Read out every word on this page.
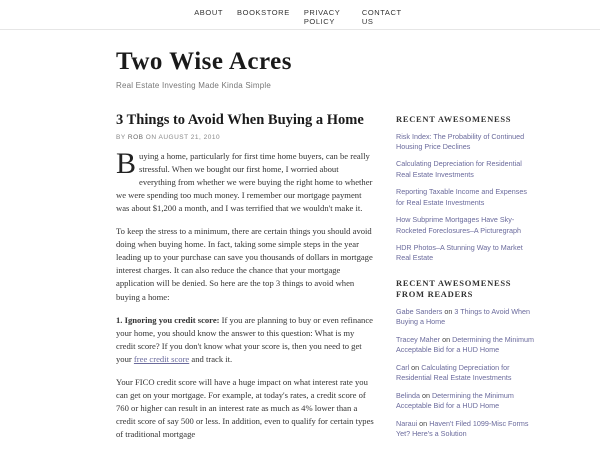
ABOUT BOOKSTORE PRIVACY POLICY
CONTACT US
Two Wise Acres

Real Estate Investing Made Kinda Simple

3 Things to Avoid When Buying a Home
BY ROB ON AUGUST 21, 2010

Buying a home, particularly for first time home buyers, can be really stressful. When we bought our first home, I worried about everything from whether we were buying the right home to whether we were spending too much money. I remember our mortgage payment was about $1,200 a month, and I was terrified that we wouldn't make it.

To keep the stress to a minimum, there are certain things you should avoid doing when buying home. In fact, taking some simple steps in the year leading up to your purchase can save you thousands of dollars in mortgage interest charges. It can also reduce the chance that your mortgage application will be denied. So here are the top 3 things to avoid when buying a home:

1. Ignoring you credit score: If you are planning to buy or even refinance your home, you should know the answer to this question: What is my credit score? If you don't know what your score is, then you need to get your free credit score and track it.

Your FICO credit score will have a huge impact on what interest rate you can get on your mortgage. For example, at today's rates, a credit score of 760 or higher can result in an interest rate as much as 4% lower than a credit score of say 500 or less. In addition, even to qualify for certain types of traditional mortgage

RECENT AWESOMENESS
Risk Index: The Probability of Continued Housing Price Declines
Calculating Depreciation for Residential Real Estate Investments
Reporting Taxable Income and Expenses for Real Estate Investments
How Subprime Mortgages Have Sky-Rocketed Foreclosures–A Picturegraph
HDR Photos–A Stunning Way to Market Real Estate
RECENT AWESOMENESS FROM READERS
Gabe Sanders on 3 Things to Avoid When Buying a Home
Tracey Maher on Determining the Minimum Acceptable Bid for a HUD Home
Carl on Calculating Depreciation for Residential Real Estate Investments
Belinda on Determining the Minimum Acceptable Bid for a HUD Home
Naraui on Haven't Filed 1099-Misc Forms Yet? Here's a Solution
